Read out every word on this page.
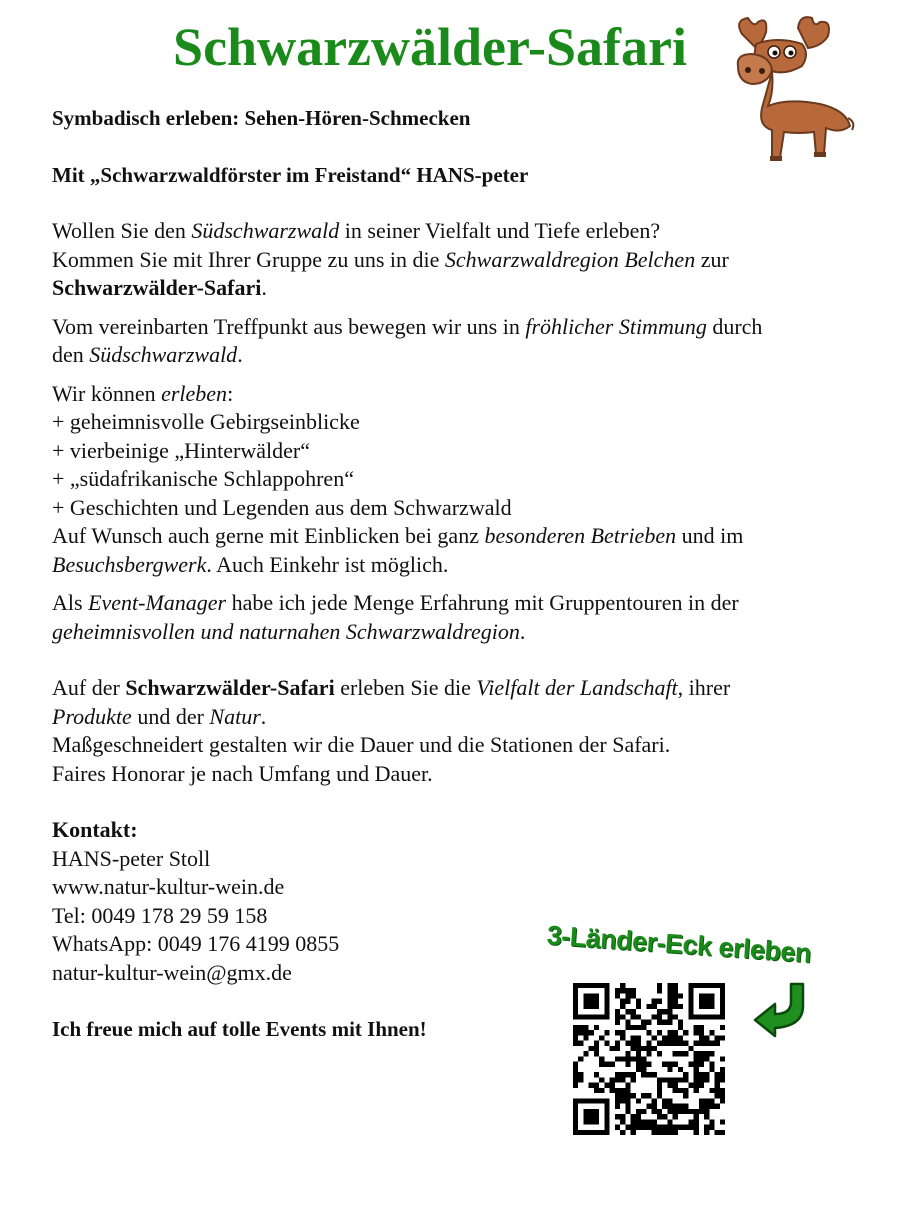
Schwarzwälder-Safari

Symbadisch erleben: Sehen-Hören-Schmecken

Mit „Schwarzwaldförster im Freistand“ HANS-peter

Wollen Sie den Südschwarzwald in seiner Vielfalt und Tiefe erleben?
Kommen Sie mit Ihrer Gruppe zu uns in die Schwarzwaldregion Belchen zur
Schwarzwälder-Safari.

Vom vereinbarten Treffpunkt aus bewegen wir uns in fröhlicher Stimmung durch
den Südschwarzwald.

Wir können erleben:
+ geheimnisvolle Gebirgseinblicke
+ vierbeinige „Hinterwälder“
+ „südafrikanische Schlappohren“
+ Geschichten und Legenden aus dem Schwarzwald
Auf Wunsch auch gerne mit Einblicken bei ganz besonderen Betrieben und im
Besuchsbergwerk. Auch Einkehr ist möglich.

Als Event-Manager habe ich jede Menge Erfahrung mit Gruppentouren in der
geheimnisvollen und naturnahen Schwarzwaldregion.

Auf der Schwarzwälder-Safari erleben Sie die Vielfalt der Landschaft, ihrer
Produkte und der Natur.
Maßgeschneidert gestalten wir die Dauer und die Stationen der Safari.
Faires Honorar je nach Umfang und Dauer.

Kontakt:
HANS-peter Stoll
www.natur-kultur-wein.de
Tel: 0049 178 29 59 158
WhatsApp: 0049 176 4199 0855
natur-kultur-wein@gmx.de

Ich freue mich auf tolle Events mit Ihnen!

3-Länder-Eck erleben
